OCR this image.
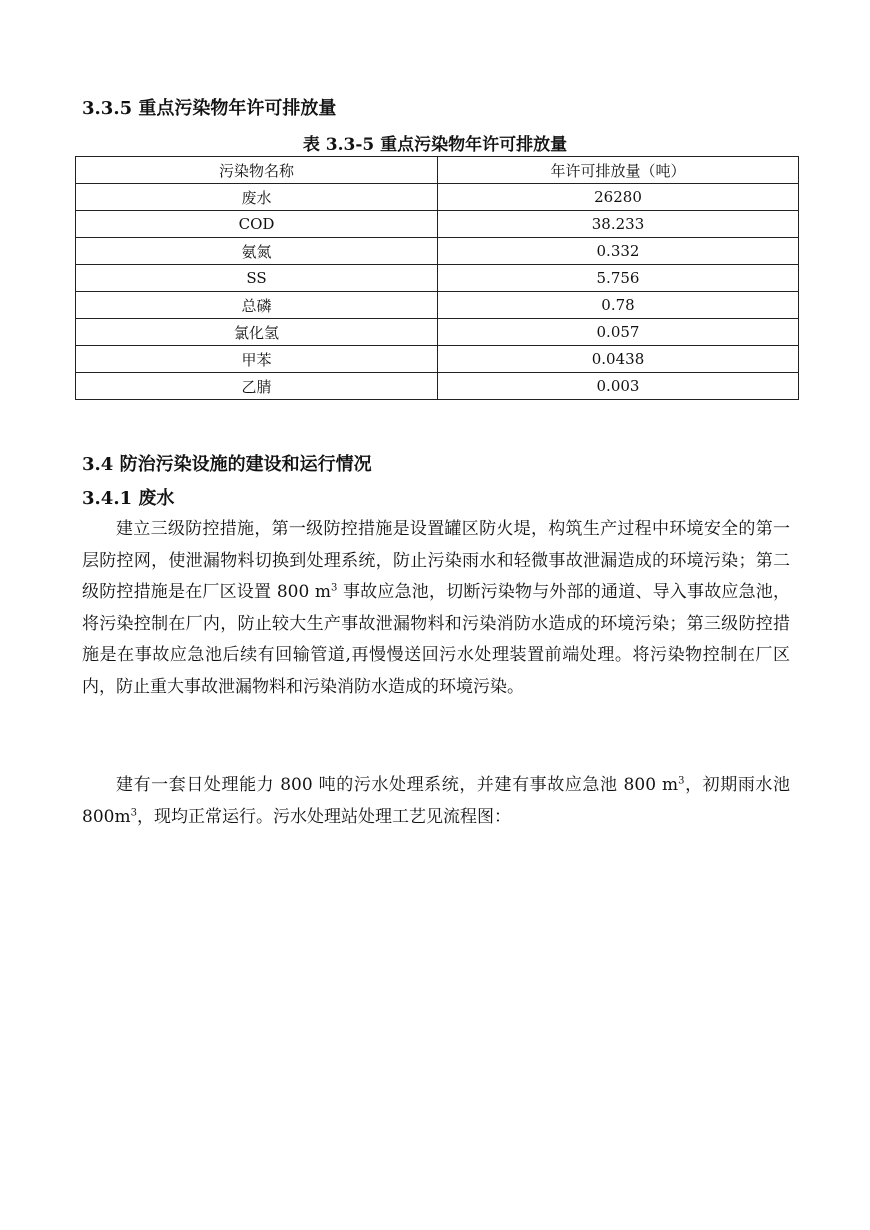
3.3.5 重点污染物年许可排放量

表 3.3-5 重点污染物年许可排放量

污染物名称	年许可排放量（吨）
废水	26280
COD	38.233
氨氮	0.332
SS	5.756
总磷	0.78
氯化氢	0.057
甲苯	0.0438
乙腈	0.003
3.4 防治污染设施的建设和运行情况
3.4.1 废水

建立三级防控措施，第一级防控措施是设置罐区防火堤，构筑生产过程中环境安全的第一层防控网，使泄漏物料切换到处理系统，防止污染雨水和轻微事故泄漏造成的环境污染；第二级防控措施是在厂区设置 800 $m^3$ 事故应急池，切断污染物与外部的通道、导入事故应急池，将污染控制在厂内，防止较大生产事故泄漏物料和污染消防水造成的环境污染；第三级防控措施是在事故应急池后续有回输管道,再慢慢送回污水处理装置前端处理。将污染物控制在厂区内，防止重大事故泄漏物料和污染消防水造成的环境污染。

建有一套日处理能力 800 吨的污水处理系统，并建有事故应急池 800 $m^3$，初期雨水池 $800m^3$，现均正常运行。污水处理站处理工艺见流程图：
